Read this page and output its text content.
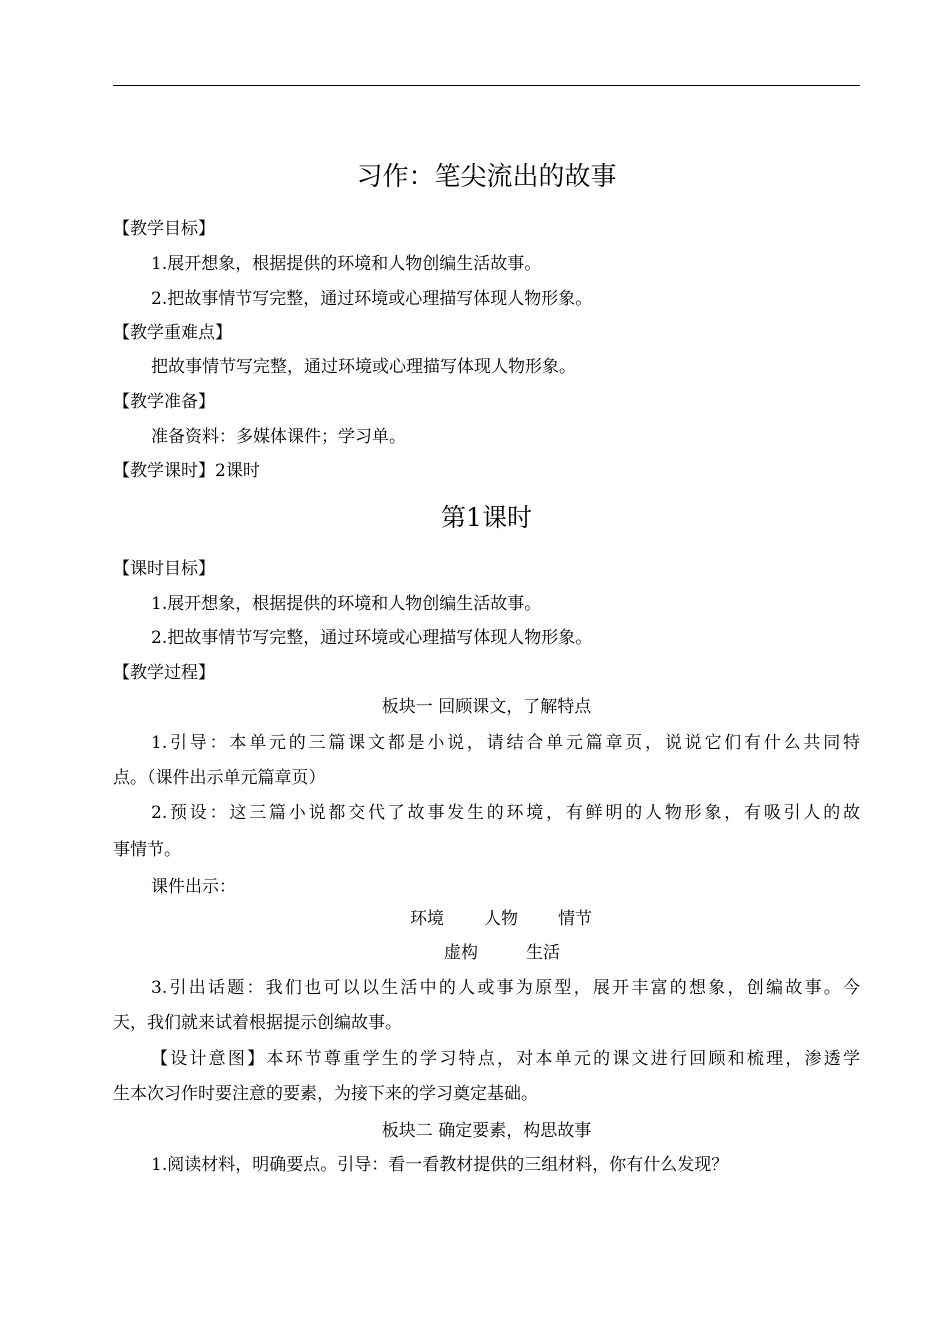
习作：笔尖流出的故事
【教学目标】
1.展开想象，根据提供的环境和人物创编生活故事。
2.把故事情节写完整，通过环境或心理描写体现人物形象。
【教学重难点】
把故事情节写完整，通过环境或心理描写体现人物形象。
【教学准备】
准备资料：多媒体课件；学习单。
【教学课时】2课时
第1课时
【课时目标】
1.展开想象，根据提供的环境和人物创编生活故事。
2.把故事情节写完整，通过环境或心理描写体现人物形象。
【教学过程】
板块一 回顾课文，了解特点
1.引导：本单元的三篇课文都是小说，请结合单元篇章页，说说它们有什么共同特
点。（课件出示单元篇章页）
2.预设：这三篇小说都交代了故事发生的环境，有鲜明的人物形象，有吸引人的故
事情节。
课件出示：
环境 人物 情节
虚构	生活
3.引出话题：我们也可以以生活中的人或事为原型，展开丰富的想象，创编故事。今
天，我们就来试着根据提示创编故事。
【设计意图】本环节尊重学生的学习特点，对本单元的课文进行回顾和梳理，渗透学
生本次习作时要注意的要素，为接下来的学习奠定基础。
板块二 确定要素，构思故事
1.阅读材料，明确要点。引导：看一看教材提供的三组材料，你有什么发现？
